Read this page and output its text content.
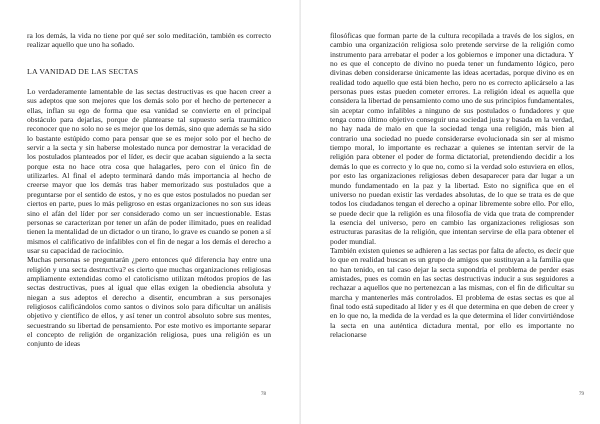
ra los demás, la vida no tiene por qué ser solo meditación, también es correcto realizar aquello que uno ha soñado.

LA VANIDAD DE LAS SECTAS

Lo verdaderamente lamentable de las sectas destructivas es que hacen creer a sus adeptos que son mejores que los demás solo por el hecho de pertenecer a ellas, inflan su ego de forma que esa vanidad se convierte en el principal obstáculo para dejarlas, porque de plantearse tal supuesto sería traumático reconocer que no solo no se es mejor que los demás, sino que además se ha sido lo bastante estúpido como para pensar que se es mejor solo por el hecho de servir a la secta y sin haberse molestado nunca por demostrar la veracidad de los postulados planteados por el líder, es decir que acaban siguiendo a la secta porque esta no hace otra cosa que halagarles, pero con el único fin de utilizarles. Al final el adepto terminará dando más importancia al hecho de creerse mayor que los demás tras haber memorizado sus postulados que a preguntarse por el sentido de estos, y no es que estos postulados no puedan ser ciertos en parte, pues lo más peligroso en estas organizaciones no son sus ideas sino el afán del líder por ser considerado como un ser incuestionable. Estas personas se caracterizan por tener un afán de poder ilimitado, pues en realidad tienen la mentalidad de un dictador o un tirano, lo grave es cuando se ponen a sí mismos el calificativo de infalibles con el fin de negar a los demás el derecho a usar su capacidad de raciocinio.

Muchas personas se preguntarán ¿pero entonces qué diferencia hay entre una religión y una secta destructiva? es cierto que muchas organizaciones religiosas ampliamente extendidas como el catolicismo utilizan métodos propios de las sectas destructivas, pues al igual que ellas exigen la obediencia absoluta y niegan a sus adeptos el derecho a disentir, encumbran a sus personajes religiosos calificándolos como santos o divinos solo para dificultar un análisis objetivo y científico de ellos, y así tener un control absoluto sobre sus mentes, secuestrando su libertad de pensamiento. Por este motivo es importante separar el concepto de religión de organización religiosa, pues una religión es un conjunto de ideas

78

filosóficas que forman parte de la cultura recopilada a través de los siglos, en cambio una organización religiosa solo pretende servirse de la religión como instrumento para arrebatar el poder a los gobiernos e imponer una dictadura. Y no es que el concepto de divino no pueda tener un fundamento lógico, pero divinas deben considerarse únicamente las ideas acertadas, porque divino es en realidad todo aquello que está bien hecho, pero no es correcto aplicárselo a las personas pues estas pueden cometer errores. La religión ideal es aquella que considera la libertad de pensamiento como uno de sus principios fundamentales, sin aceptar como infalibles a ninguno de sus postulados o fundadores y que tenga como último objetivo conseguir una sociedad justa y basada en la verdad, no hay nada de malo en que la sociedad tenga una religión, más bien al contrario una sociedad no puede considerarse evolucionada sin ser al mismo tiempo moral, lo importante es rechazar a quienes se intentan servir de la religión para obtener el poder de forma dictatorial, pretendiendo decidir a los demás lo que es correcto y lo que no, como si la verdad solo estuviera en ellos, por esto las organizaciones religiosas deben desaparecer para dar lugar a un mundo fundamentado en la paz y la libertad. Esto no significa que en el universo no puedan existir las verdades absolutas, de lo que se trata es de que todos los ciudadanos tengan el derecho a opinar libremente sobre ello. Por ello, se puede decir que la religión es una filosofía de vida que trata de comprender la esencia del universo, pero en cambio las organizaciones religiosas son estructuras parasitas de la religión, que intentan servirse de ella para obtener el poder mundial.

También existen quienes se adhieren a las sectas por falta de afecto, es decir que lo que en realidad buscan es un grupo de amigos que sustituyan a la familia que no han tenido, en tal caso dejar la secta supondría el problema de perder esas amistades, pues es común en las sectas destructivas inducir a sus seguidores a rechazar a aquellos que no pertenezcan a las mismas, con el fin de dificultar su marcha y mantenerles más controlados. El problema de estas sectas es que al final todo está supeditado al líder y es él que determina en que deben de creer y en lo que no, la medida de la verdad es la que determina el líder convirtiéndose la secta en una auténtica dictadura mental, por ello es importante no relacionarse

79
